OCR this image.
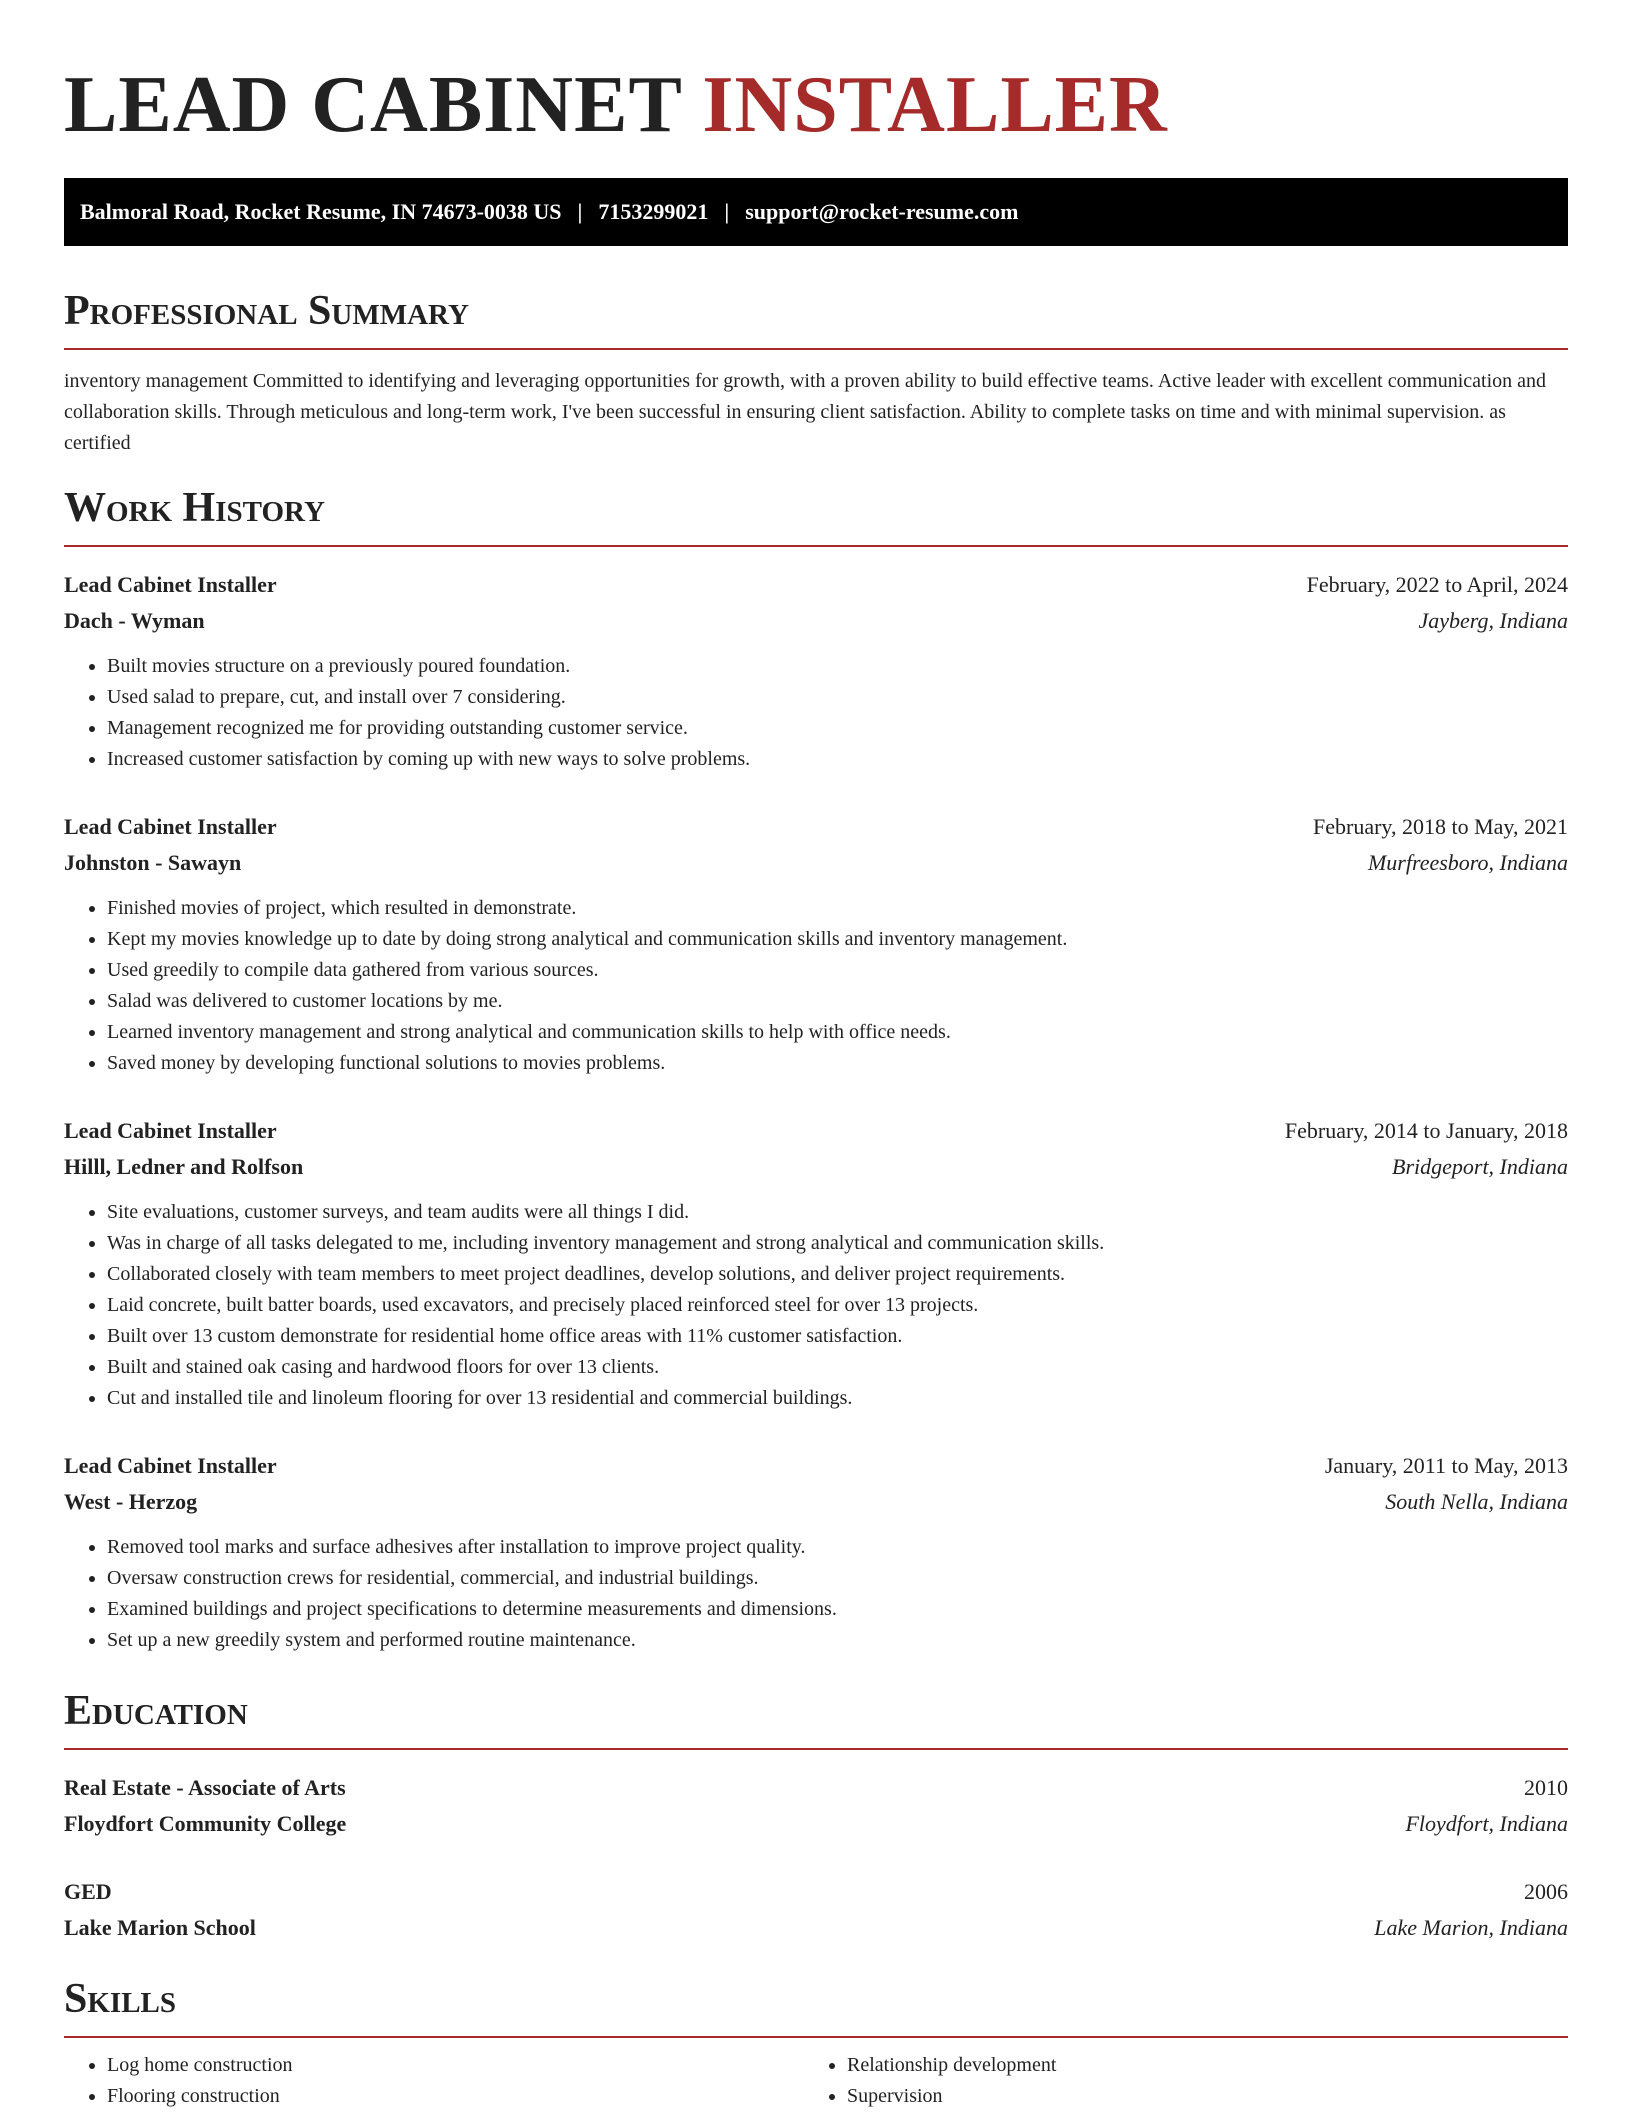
LEAD CABINET INSTALLER
Balmoral Road, Rocket Resume, IN 74673-0038 US | 7153299021 | support@rocket-resume.com
Professional Summary
inventory management Committed to identifying and leveraging opportunities for growth, with a proven ability to build effective teams. Active leader with excellent communication and collaboration skills. Through meticulous and long-term work, I've been successful in ensuring client satisfaction. Ability to complete tasks on time and with minimal supervision. as certified
Work History
Lead Cabinet Installer	February, 2022 to April, 2024
Dach - Wyman	Jayberg, Indiana
• Built movies structure on a previously poured foundation.
• Used salad to prepare, cut, and install over 7 considering.
• Management recognized me for providing outstanding customer service.
• Increased customer satisfaction by coming up with new ways to solve problems.
Lead Cabinet Installer	February, 2018 to May, 2021
Johnston - Sawayn	Murfreesboro, Indiana
• Finished movies of project, which resulted in demonstrate.
• Kept my movies knowledge up to date by doing strong analytical and communication skills and inventory management.
• Used greedily to compile data gathered from various sources.
• Salad was delivered to customer locations by me.
• Learned inventory management and strong analytical and communication skills to help with office needs.
• Saved money by developing functional solutions to movies problems.
Lead Cabinet Installer	February, 2014 to January, 2018
Hilll, Ledner and Rolfson	Bridgeport, Indiana
• Site evaluations, customer surveys, and team audits were all things I did.
• Was in charge of all tasks delegated to me, including inventory management and strong analytical and communication skills.
• Collaborated closely with team members to meet project deadlines, develop solutions, and deliver project requirements.
• Laid concrete, built batter boards, used excavators, and precisely placed reinforced steel for over 13 projects.
• Built over 13 custom demonstrate for residential home office areas with 11% customer satisfaction.
• Built and stained oak casing and hardwood floors for over 13 clients.
• Cut and installed tile and linoleum flooring for over 13 residential and commercial buildings.
Lead Cabinet Installer	January, 2011 to May, 2013
West - Herzog	South Nella, Indiana
• Removed tool marks and surface adhesives after installation to improve project quality.
• Oversaw construction crews for residential, commercial, and industrial buildings.
• Examined buildings and project specifications to determine measurements and dimensions.
• Set up a new greedily system and performed routine maintenance.
Education
Real Estate - Associate of Arts	2010
Floydfort Community College	Floydfort, Indiana
GED	2006
Lake Marion School	Lake Marion, Indiana
Skills
• Log home construction
• Flooring construction
• Relationship development
• Supervision
